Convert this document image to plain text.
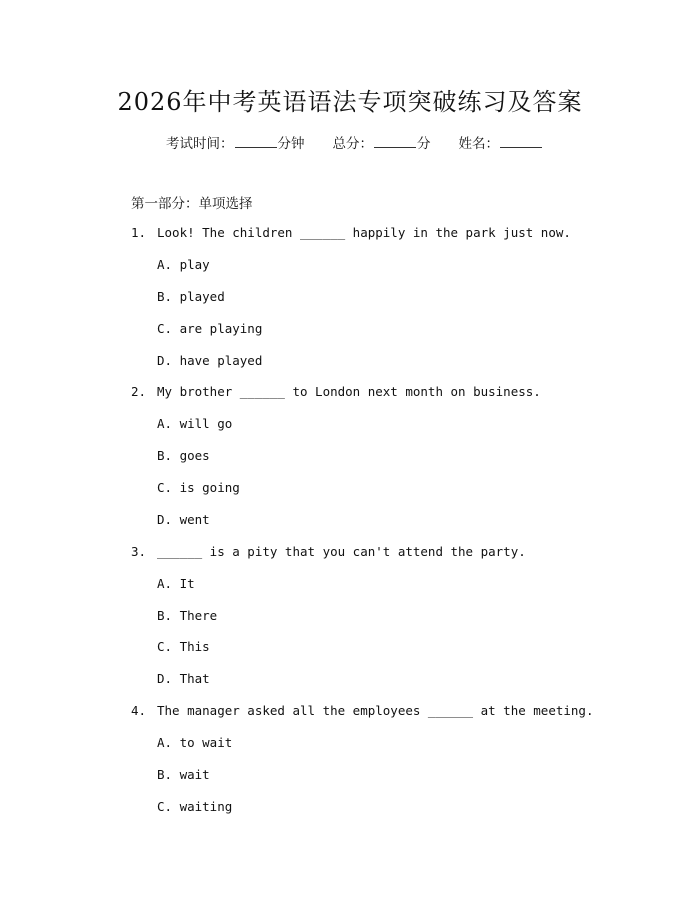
2026年中考英语语法专项突破练习及答案
考试时间：	分钟 总分：	分 姓名：
第一部分：单项选择
1. Look! The children ______ happily in the park just now.
A. play
B. played
C. are playing
D. have played
2. My brother ______ to London next month on business.
A. will go
B. goes
C. is going
D. went
3. ______ is a pity that you can't attend the party.
A. It
B. There
C. This
D. That
4. The manager asked all the employees ______ at the meeting.
A. to wait
B. wait
C. waiting
